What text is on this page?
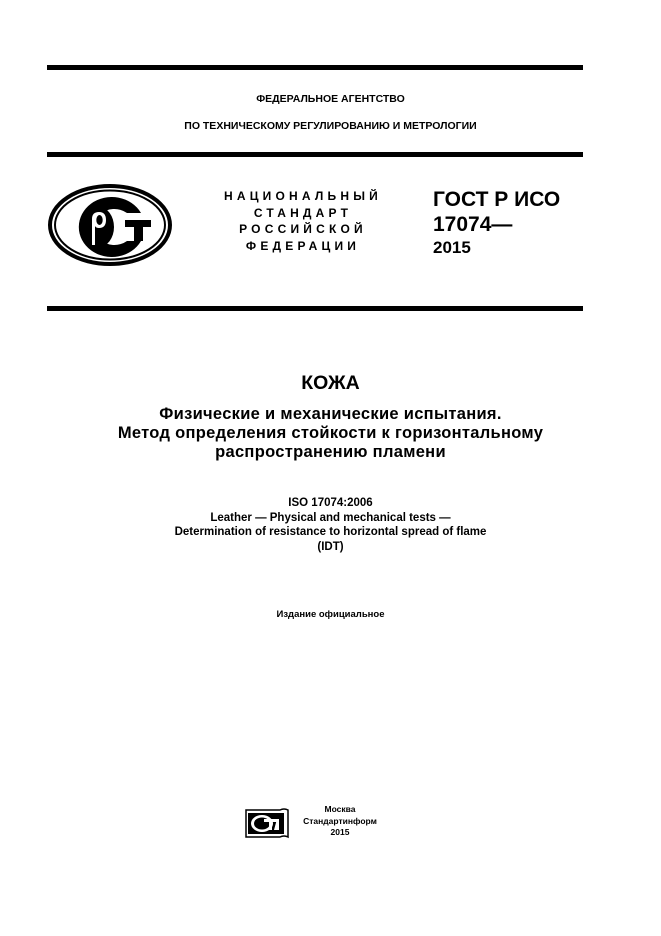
ФЕДЕРАЛЬНОЕ АГЕНТСТВО
ПО ТЕХНИЧЕСКОМУ РЕГУЛИРОВАНИЮ И МЕТРОЛОГИИ
НАЦИОНАЛЬНЫЙ
СТАНДАРТ
РОССИЙСКОЙ
ФЕДЕРАЦИИ
ГОСТ Р ИСО
17074—
2015
КОЖА
Физические и механические испытания.
Метод определения стойкости к горизонтальному
распространению пламени
ISO 17074:2006
Leather — Physical and mechanical tests —
Determination of resistance to horizontal spread of flame
(IDT)
Издание официальное
Москва
Стандартинформ
2015
